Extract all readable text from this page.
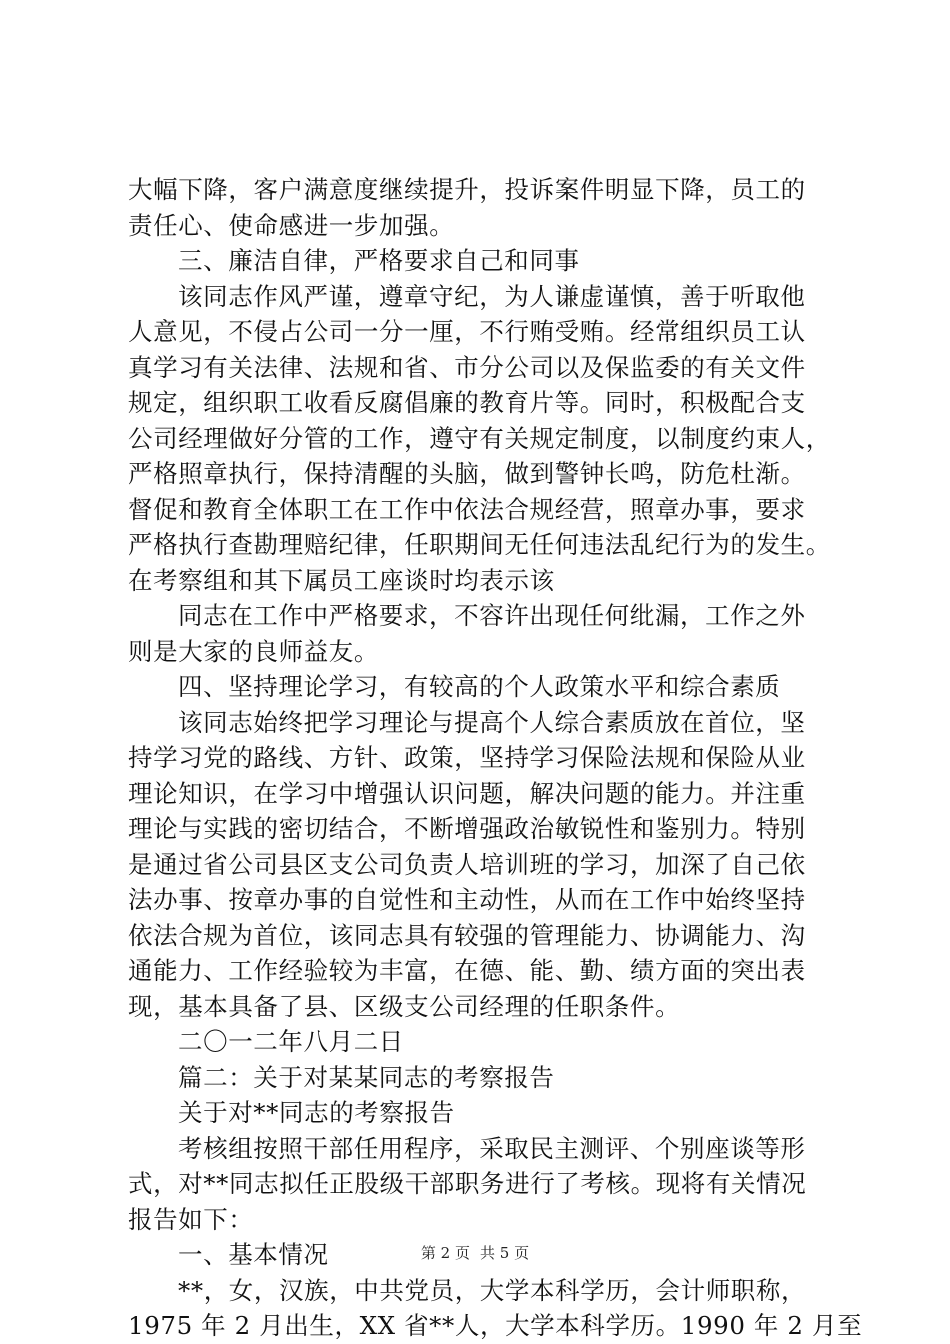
大幅下降，客户满意度继续提升，投诉案件明显下降，员工的
责任心、使命感进一步加强。
三、廉洁自律，严格要求自己和同事
该同志作风严谨，遵章守纪，为人谦虚谨慎，善于听取他
人意见，不侵占公司一分一厘，不行贿受贿。经常组织员工认
真学习有关法律、法规和省、市分公司以及保监委的有关文件
规定，组织职工收看反腐倡廉的教育片等。同时，积极配合支
公司经理做好分管的工作，遵守有关规定制度，以制度约束人，
严格照章执行，保持清醒的头脑，做到警钟长鸣，防危杜渐。
督促和教育全体职工在工作中依法合规经营，照章办事，要求
严格执行查勘理赔纪律，任职期间无任何违法乱纪行为的发生。
在考察组和其下属员工座谈时均表示该
同志在工作中严格要求，不容许出现任何纰漏，工作之外
则是大家的良师益友。
四、坚持理论学习，有较高的个人政策水平和综合素质
该同志始终把学习理论与提高个人综合素质放在首位，坚
持学习党的路线、方针、政策，坚持学习保险法规和保险从业
理论知识，在学习中增强认识问题，解决问题的能力。并注重
理论与实践的密切结合，不断增强政治敏锐性和鉴别力。特别
是通过省公司县区支公司负责人培训班的学习，加深了自己依
法办事、按章办事的自觉性和主动性，从而在工作中始终坚持
依法合规为首位，该同志具有较强的管理能力、协调能力、沟
通能力、工作经验较为丰富，在德、能、勤、绩方面的突出表
现，基本具备了县、区级支公司经理的任职条件。
二〇一二年八月二日
篇二：关于对某某同志的考察报告
关于对**同志的考察报告
考核组按照干部任用程序，采取民主测评、个别座谈等形
式，对**同志拟任正股级干部职务进行了考核。现将有关情况
报告如下：
一、基本情况
**，女，汉族，中共党员，大学本科学历，会计师职称，
1975 年 2 月出生，XX 省**人，大学本科学历。1990 年 2 月至
第 2 页 共 5 页
